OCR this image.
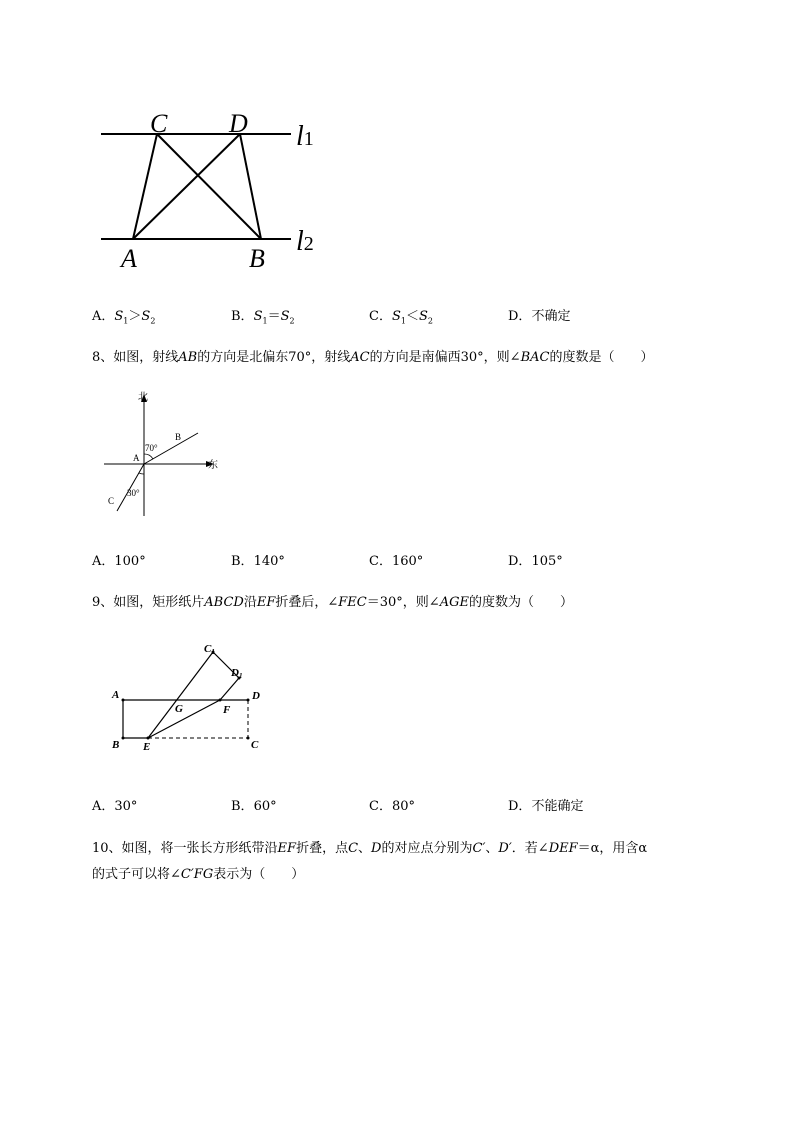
C D
A	B
l1
l2
A．$S_1>S_2$	B．$S_1=S_2$	C．$S_1<S_2$	D．不确定
8、如图，射线AB的方向是北偏东70°，射线AC的方向是南偏西30°，则∠BAC的度数是（　　）
北
东
A
B
C
70°
30°
A．100°	B．140°	C．160°	D．105°
9、如图，矩形纸片ABCD沿EF折叠后，∠FEC＝30°，则∠AGE的度数为（　　）
A
B	C
D
E
F
G
C1
D1
A．30°	B．60°	C．80°	D．不能确定
10、如图，将一张长方形纸带沿EF折叠，点C、D的对应点分别为C′、D′．若∠DEF＝α，用含α
的式子可以将∠C′FG表示为（　　）
